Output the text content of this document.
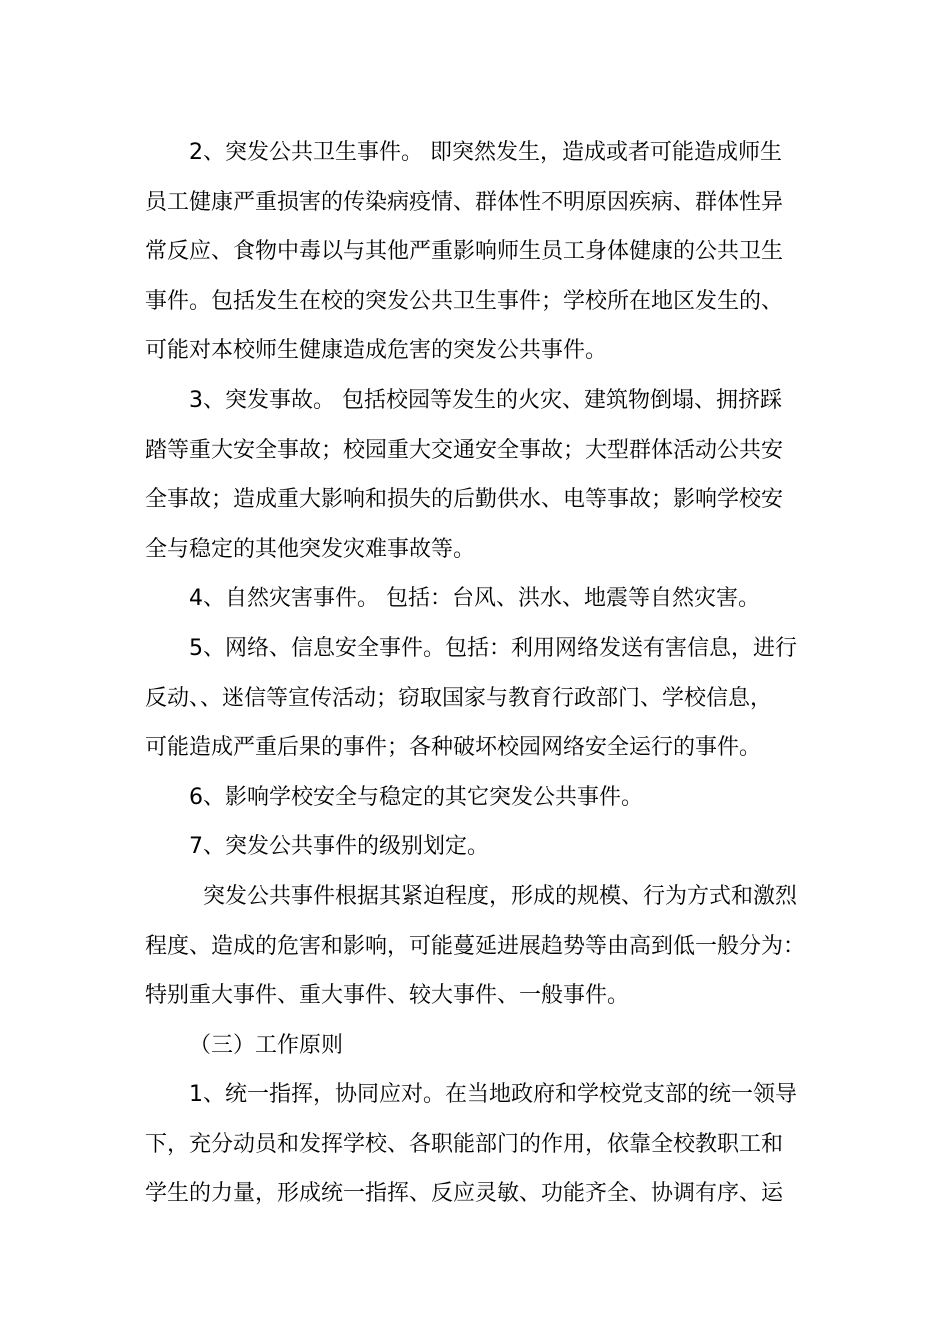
2、突发公共卫生事件。 即突然发生，造成或者可能造成师生
员工健康严重损害的传染病疫情、群体性不明原因疾病、群体性异
常反应、食物中毒以与其他严重影响师生员工身体健康的公共卫生
事件。包括发生在校的突发公共卫生事件；学校所在地区发生的、
可能对本校师生健康造成危害的突发公共事件。
3、突发事故。 包括校园等发生的火灾、建筑物倒塌、拥挤踩
踏等重大安全事故；校园重大交通安全事故；大型群体活动公共安
全事故；造成重大影响和损失的后勤供水、电等事故；影响学校安
全与稳定的其他突发灾难事故等。
4、自然灾害事件。 包括：台风、洪水、地震等自然灾害。
5、网络、信息安全事件。包括：利用网络发送有害信息，进行
反动、、迷信等宣传活动；窃取国家与教育行政部门、学校信息，
可能造成严重后果的事件；各种破坏校园网络安全运行的事件。
6、影响学校安全与稳定的其它突发公共事件。
7、突发公共事件的级别划定。
突发公共事件根据其紧迫程度，形成的规模、行为方式和激烈
程度、造成的危害和影响，可能蔓延进展趋势等由高到低一般分为：
特别重大事件、重大事件、较大事件、一般事件。
（三）工作原则
1、统一指挥，协同应对。在当地政府和学校党支部的统一领导
下，充分动员和发挥学校、各职能部门的作用，依靠全校教职工和
学生的力量，形成统一指挥、反应灵敏、功能齐全、协调有序、运
